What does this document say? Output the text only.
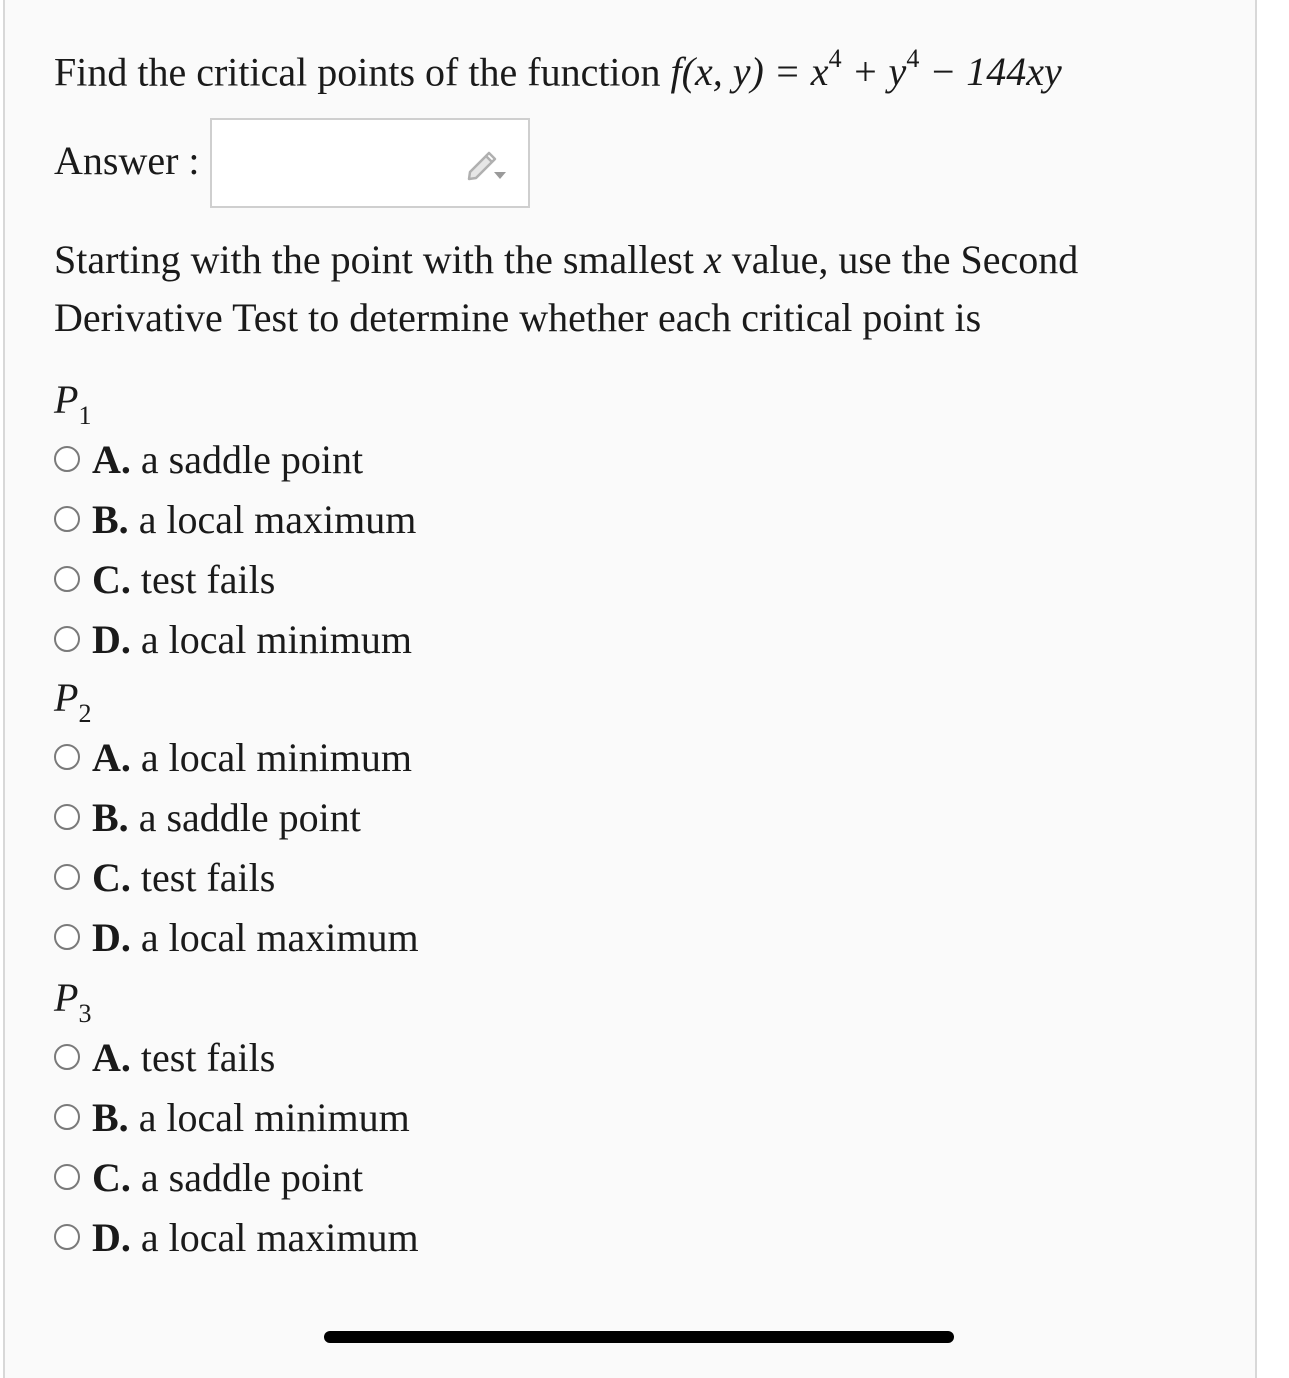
Find the critical points of the function f(x, $y) = x^4 + y^4 - 144xy$
Answer :
Starting with the point with the smallest x value, use the Second Derivative Test to determine whether each critical point is
$P_1$
A. a saddle point
B. a local maximum
C. test fails
D. a local minimum
$P_2$
A. a local minimum
B. a saddle point
C. test fails
D. a local maximum
$P_3$
A. test fails
B. a local minimum
C. a saddle point
D. a local maximum
